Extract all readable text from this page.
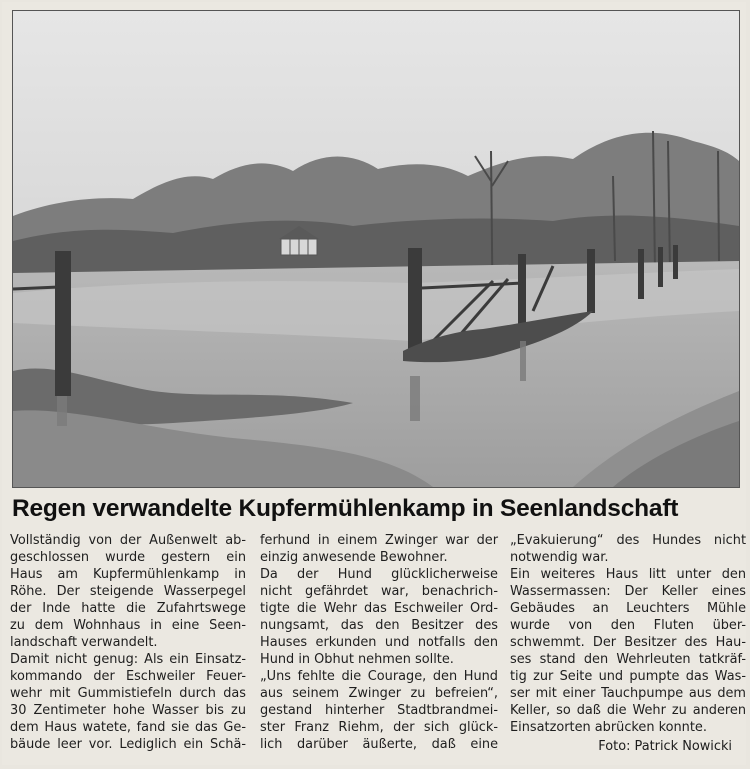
Regen verwandelte Kupfermühlenkamp in Seenlandschaft
Vollständig von der Außenwelt ab-
geschlossen wurde gestern ein
Haus am Kupfermühlenkamp in
Röhe. Der steigende Wasserpegel
der Inde hatte die Zufahrtswege
zu dem Wohnhaus in eine Seen-
landschaft verwandelt.
Damit nicht genug: Als ein Einsatz-
kommando der Eschweiler Feuer-
wehr mit Gummistiefeln durch das
30 Zentimeter hohe Wasser bis zu
dem Haus watete, fand sie das Ge-
bäude leer vor. Lediglich ein Schä-
ferhund in einem Zwinger war der
einzig anwesende Bewohner.
Da der Hund glücklicherweise
nicht gefährdet war, benachrich-
tigte die Wehr das Eschweiler Ord-
nungsamt, das den Besitzer des
Hauses erkunden und notfalls den
Hund in Obhut nehmen sollte.
„Uns fehlte die Courage, den Hund
aus seinem Zwinger zu befreien“,
gestand hinterher Stadtbrandmei-
ster Franz Riehm, der sich glück-
lich darüber äußerte, daß eine
„Evakuierung“ des Hundes nicht
notwendig war.
Ein weiteres Haus litt unter den
Wassermassen: Der Keller eines
Gebäudes an Leuchters Mühle
wurde von den Fluten über-
schwemmt. Der Besitzer des Hau-
ses stand den Wehrleuten tatkräf-
tig zur Seite und pumpte das Was-
ser mit einer Tauchpumpe aus dem
Keller, so daß die Wehr zu anderen
Einsatzorten abrücken konnte.
Foto: Patrick Nowicki
